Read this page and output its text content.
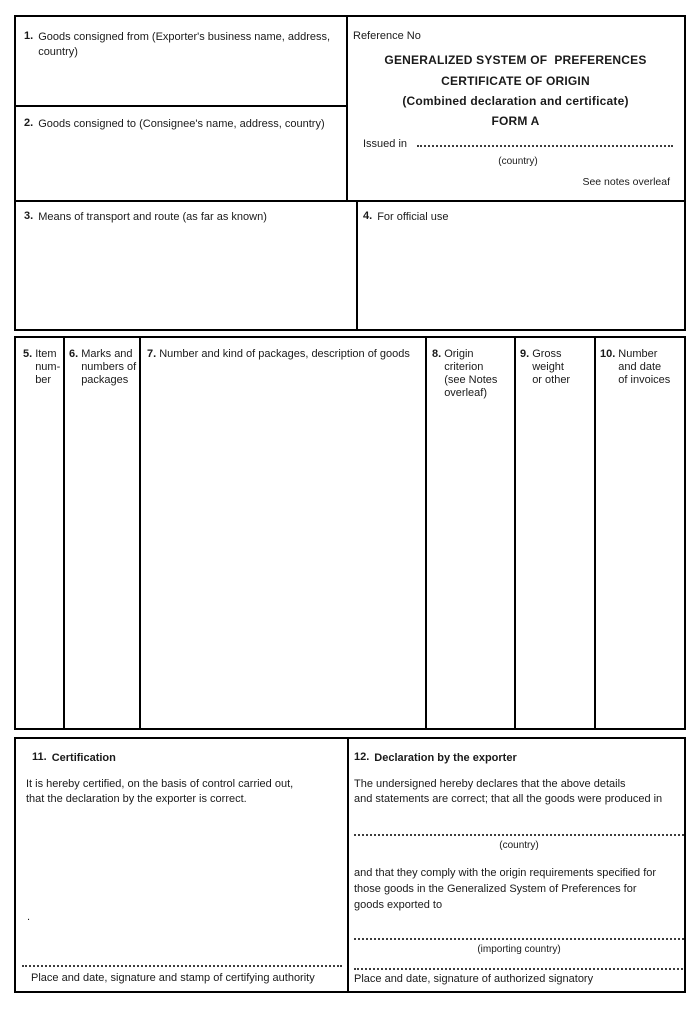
1. Goods consigned from (Exporter's business name, address,
country)
2. Goods consigned to (Consignee's name, address, country)
3. Means of transport and route (as far as known)	4. For official use
Reference No
GENERALIZED SYSTEM OF  PREFERENCES
CERTIFICATE OF ORIGIN
(Combined declaration and certificate)
FORM A
Issued in
(country)
See notes overleaf
5. Item
num-
ber
6. Marks and
numbers of
packages
7. Number and kind of packages, description of goods 8. Origin
criterion
(see Notes
overleaf)
9. Gross
weight
or other
10. Number
and date
of invoices
11. Certification

It is hereby certified, on the basis of control carried out,

that the declaration by the exporter is correct.

.
Place and date, signature and stamp of certifying authority
12. Declaration by the exporter

The undersigned hereby declares that the above details

and statements are correct; that all the goods were produced in

(country)

and that they comply with the origin requirements specified for

those goods in the Generalized System of Preferences for

goods exported to

(importing country)
Place and date, signature of authorized signatory
